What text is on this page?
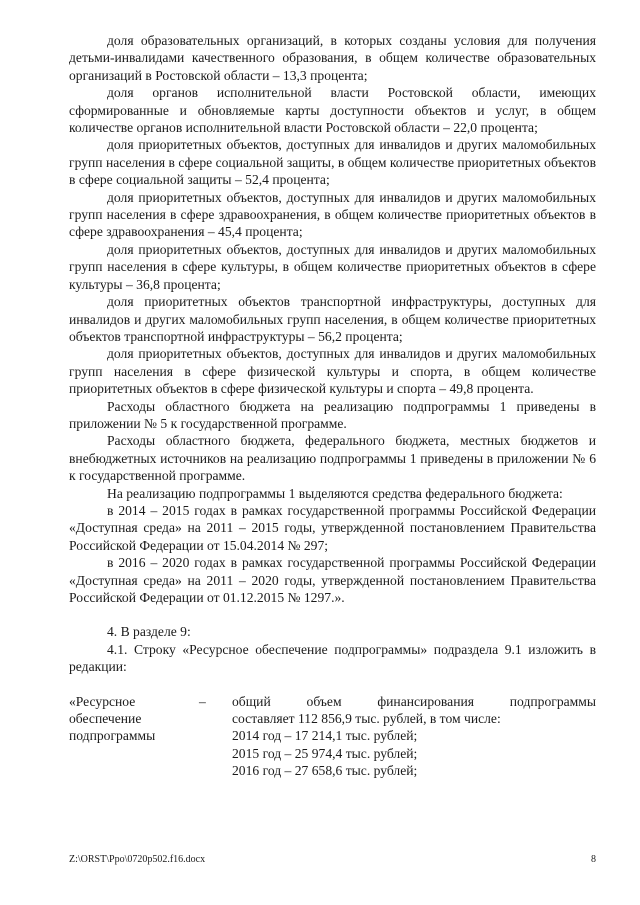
доля образовательных организаций, в которых созданы условия для получения детьми-инвалидами качественного образования, в общем количестве образовательных организаций в Ростовской области – 13,3 процента;

доля органов исполнительной власти Ростовской области, имеющих сформированные и обновляемые карты доступности объектов и услуг, в общем количестве органов исполнительной власти Ростовской области – 22,0 процента;

доля приоритетных объектов, доступных для инвалидов и других маломобильных групп населения в сфере социальной защиты, в общем количестве приоритетных объектов в сфере социальной защиты – 52,4 процента;

доля приоритетных объектов, доступных для инвалидов и других маломобильных групп населения в сфере здравоохранения, в общем количестве приоритетных объектов в сфере здравоохранения – 45,4 процента;

доля приоритетных объектов, доступных для инвалидов и других маломобильных групп населения в сфере культуры, в общем количестве приоритетных объектов в сфере культуры – 36,8 процента;

доля приоритетных объектов транспортной инфраструктуры, доступных для инвалидов и других маломобильных групп населения, в общем количестве приоритетных объектов транспортной инфраструктуры – 56,2 процента;

доля приоритетных объектов, доступных для инвалидов и других маломобильных групп населения в сфере физической культуры и спорта, в общем количестве приоритетных объектов в сфере физической культуры и спорта – 49,8 процента.

Расходы областного бюджета на реализацию подпрограммы 1 приведены в приложении № 5 к государственной программе.

Расходы областного бюджета, федерального бюджета, местных бюджетов и внебюджетных источников на реализацию подпрограммы 1 приведены в приложении № 6 к государственной программе.

На реализацию подпрограммы 1 выделяются средства федерального бюджета:

в 2014 – 2015 годах в рамках государственной программы Российской Федерации «Доступная среда» на 2011 – 2015 годы, утвержденной постановлением Правительства Российской Федерации от 15.04.2014 № 297;

в 2016 – 2020 годах в рамках государственной программы Российской Федерации «Доступная среда» на 2011 – 2020 годы, утвержденной постановлением Правительства Российской Федерации от 01.12.2015 № 1297.».

4. В разделе 9:

4.1. Строку «Ресурсное обеспечение подпрограммы» подраздела 9.1 изложить в редакции:

«Ресурсное
обеспечение
подпрограммы
–	общий объем финансирования подпрограммы

составляет 112 856,9 тыс. рублей, в том числе:

2014 год – 17 214,1 тыс. рублей;

2015 год – 25 974,4 тыс. рублей;

2016 год – 27 658,6 тыс. рублей;

Z:\ORST\Ppo\0720p502.f16.docx	8
